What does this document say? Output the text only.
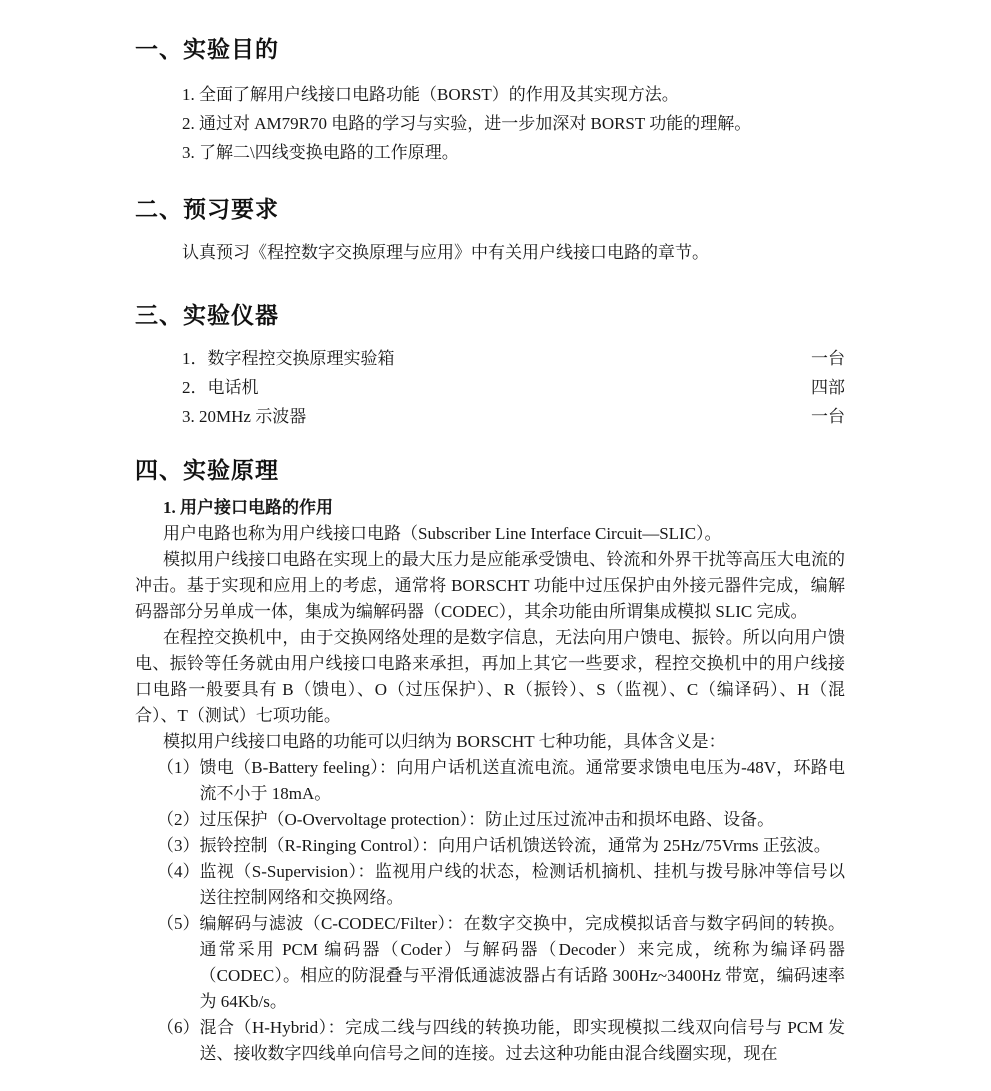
一、实验目的
1. 全面了解用户线接口电路功能（BORST）的作用及其实现方法。
2. 通过对 AM79R70 电路的学习与实验，进一步加深对 BORST 功能的理解。
3. 了解二\四线变换电路的工作原理。
二、预习要求

认真预习《程控数字交换原理与应用》中有关用户线接口电路的章节。

三、实验仪器
1．数字程控交换原理实验箱	一台
2．电话机	四部
3. 20MHz 示波器	一台
四、实验原理
1. 用户接口电路的作用

用户电路也称为用户线接口电路（Subscriber Line Interface Circuit—SLIC）。

模拟用户线接口电路在实现上的最大压力是应能承受馈电、铃流和外界干扰等高压大电流的冲击。基于实现和应用上的考虑，通常将 BORSCHT 功能中过压保护由外接元器件完成，编解码器部分另单成一体，集成为编解码器（CODEC），其余功能由所谓集成模拟 SLIC 完成。

在程控交换机中，由于交换网络处理的是数字信息，无法向用户馈电、振铃。所以向用户馈电、振铃等任务就由用户线接口电路来承担，再加上其它一些要求，程控交换机中的用户线接口电路一般要具有 B（馈电）、O（过压保护）、R（振铃）、S（监视）、C（编译码）、H（混合）、T（测试）七项功能。

模拟用户线接口电路的功能可以归纳为 BORSCHT 七种功能，具体含义是：

（1） 馈电（B-Battery feeling）：向用户话机送直流电流。通常要求馈电电压为-48V，环路电流不小于 18mA。
（2） 过压保护（O-Overvoltage protection）：防止过压过流冲击和损坏电路、设备。
（3） 振铃控制（R-Ringing Control）：向用户话机馈送铃流，通常为 25Hz/75Vrms 正弦波。
（4） 监视（S-Supervision）：监视用户线的状态，检测话机摘机、挂机与拨号脉冲等信号以送往控制网络和交换网络。
（5） 编解码与滤波（C-CODEC/Filter）：在数字交换中，完成模拟话音与数字码间的转换。通常采用 PCM 编码器（Coder）与解码器（Decoder）来完成，统称为编译码器（CODEC）。相应的防混叠与平滑低通滤波器占有话路 300Hz~3400Hz 带宽，编码速率为 64Kb/s。
（6） 混合（H-Hybrid）：完成二线与四线的转换功能，即实现模拟二线双向信号与 PCM 发送、接收数字四线单向信号之间的连接。过去这种功能由混合线圈实现，现在
